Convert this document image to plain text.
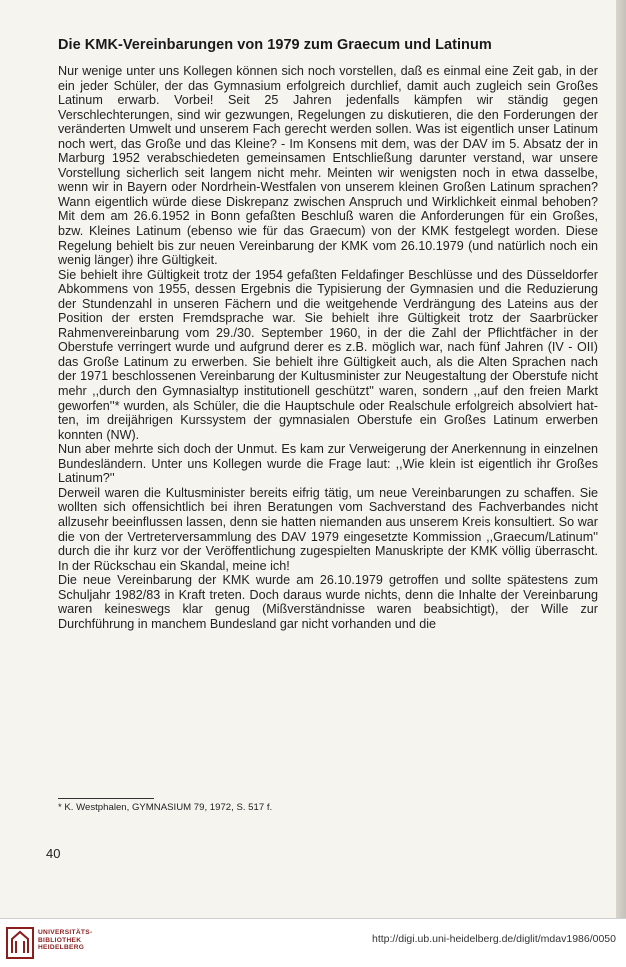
Die KMK-Vereinbarungen von 1979 zum Graecum und Latinum

Nur wenige unter uns Kollegen können sich noch vorstellen, daß es einmal eine Zeit gab, in der ein jeder Schüler, der das Gymnasium erfolgreich durchlief, damit auch zugleich sein Großes Latinum erwarb. Vorbei! Seit 25 Jahren jedenfalls kämpfen wir ständig gegen Verschlechterungen, sind wir gezwungen, Regelungen zu diskutieren, die den Forderungen der veränderten Umwelt und unserem Fach gerecht werden sollen. Was ist eigentlich unser Latinum noch wert, das Große und das Kleine? - Im Konsens mit dem, was der DAV im 5. Absatz der in Marburg 1952 verabschiedeten gemeinsamen Entschließung darunter verstand, war unsere Vorstellung sicherlich seit langem nicht mehr. Meinten wir wenigsten noch in etwa dasselbe, wenn wir in Bayern oder Nordrhein-Westfalen von unserem kleinen Großen Latinum sprachen? Wann eigentlich würde diese Diskrepanz zwischen Anspruch und Wirklichkeit einmal behoben? Mit dem am 26.6.1952 in Bonn gefaßten Beschluß waren die Anforderungen für ein Großes, bzw. Kleines Latinum (ebenso wie für das Graecum) von der KMK festgelegt worden. Diese Regelung behielt bis zur neuen Vereinbarung der KMK vom 26.10.1979 (und natürlich noch ein wenig länger) ihre Gültigkeit.

Sie behielt ihre Gültigkeit trotz der 1954 gefaßten Feldafinger Beschlüsse und des Düsseldorfer Abkommens von 1955, dessen Ergebnis die Typisierung der Gymnasien und die Reduzierung der Stundenzahl in unseren Fächern und die weitgehende Verdrängung des Lateins aus der Position der ersten Fremdsprache war. Sie behielt ihre Gültigkeit trotz der Saarbrücker Rahmenvereinbarung vom 29./30. September 1960, in der die Zahl der Pflichtfächer in der Oberstufe verringert wurde und aufgrund derer es z.B. möglich war, nach fünf Jahren (IV - OII) das Große Latinum zu erwerben. Sie behielt ihre Gültigkeit auch, als die Alten Sprachen nach der 1971 beschlossenen Vereinbarung der Kultusminister zur Neugestaltung der Oberstufe nicht mehr ,,durch den Gymnasialtyp institutionell geschützt'' waren, sondern ,,auf den freien Markt geworfen''* wurden, als Schüler, die die Hauptschule oder Realschule erfolgreich absolviert hatten, im dreijährigen Kurssystem der gymnasialen Oberstufe ein Großes Latinum erwerben konnten (NW).

Nun aber mehrte sich doch der Unmut. Es kam zur Verweigerung der Anerkennung in einzelnen Bundesländern. Unter uns Kollegen wurde die Frage laut: ,,Wie klein ist eigentlich ihr Großes Latinum?''

Derweil waren die Kultusminister bereits eifrig tätig, um neue Vereinbarungen zu schaffen. Sie wollten sich offensichtlich bei ihren Beratungen vom Sachverstand des Fachverbandes nicht allzusehr beeinflussen lassen, denn sie hatten niemanden aus unserem Kreis konsultiert. So war die von der Vertreterversammlung des DAV 1979 eingesetzte Kommission ,,Graecum/Latinum'' durch die ihr kurz vor der Veröffentlichung zugespielten Manuskripte der KMK völlig überrascht. In der Rückschau ein Skandal, meine ich!

Die neue Vereinbarung der KMK wurde am 26.10.1979 getroffen und sollte spätestens zum Schuljahr 1982/83 in Kraft treten. Doch daraus wurde nichts, denn die Inhalte der Vereinbarung waren keineswegs klar genug (Mißverständnisse waren beabsichtigt), der Wille zur Durchführung in manchem Bundesland gar nicht vorhanden und die

* K. Westphalen, GYMNASIUM 79, 1972, S. 517 f.

40

UNIVERSITÄTS-
BIBLIOTHEK
HEIDELBERG
http://digi.ub.uni-heidelberg.de/diglit/mdav1986/0050
